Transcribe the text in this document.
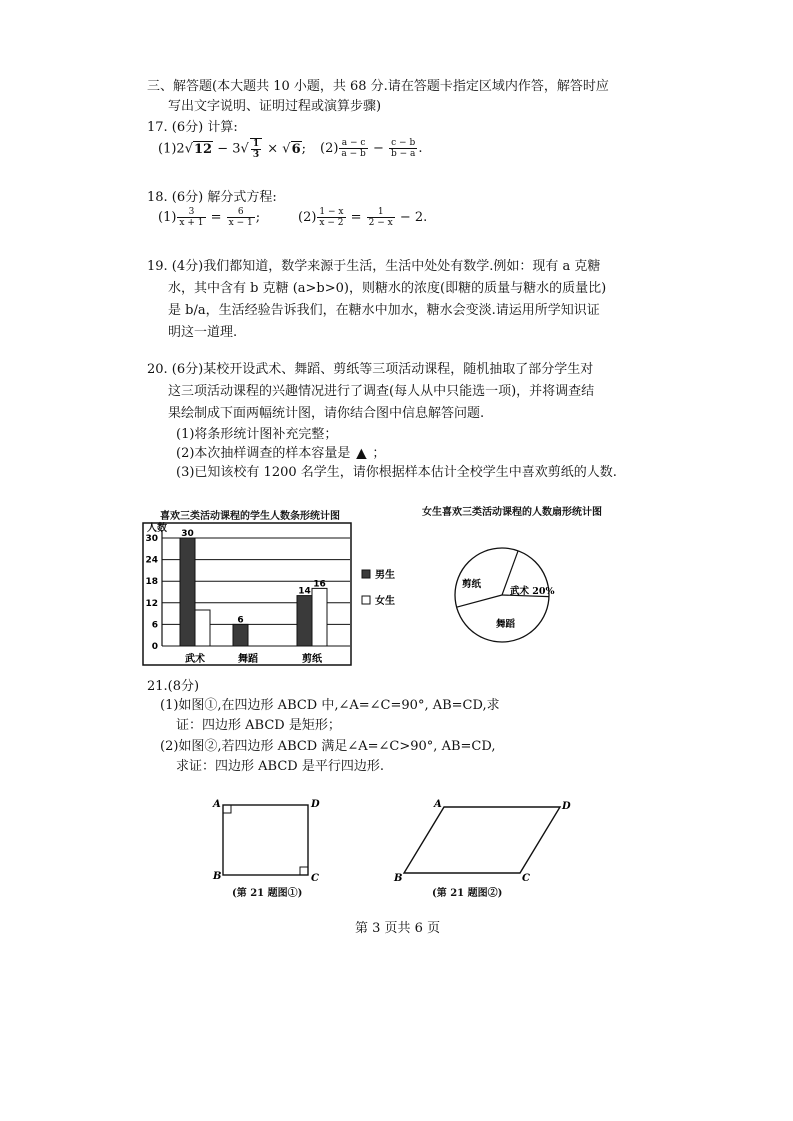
三、解答题(本大题共 10 小题，共 68 分.请在答题卡指定区域内作答，解答时应
写出文字说明、证明过程或演算步骤)
17. (6分) 计算:
$(1)2√12 - 3√ \frac{1}{3} \times √6$; $(2) \frac{a - c}{a - b} - \frac{c - b}{b - a}$ .
18. (6分) 解分式方程:
$(1) \frac{3}{x + 1} = \frac{6}{x - 1}$ ;	$(2) \frac{1 - x}{x - 2} = \frac{1}{2 - x} - 2$.
19. (4分)我们都知道，数学来源于生活，生活中处处有数学.例如：现有 a 克糖
水，其中含有 b 克糖 (a>b>0)，则糖水的浓度(即糖的质量与糖水的质量比)
是 b/a，生活经验告诉我们，在糖水中加水，糖水会变淡.请运用所学知识证
明这一道理.
20. (6分)某校开设武术、舞蹈、剪纸等三项活动课程，随机抽取了部分学生对
这三项活动课程的兴趣情况进行了调查(每人从中只能选一项)，并将调查结
果绘制成下面两幅统计图，请你结合图中信息解答问题.
(1)将条形统计图补充完整；
(2)本次抽样调查的样本容量是 ▲ ；
(3)已知该校有 1200 名学生，请你根据样本估计全校学生中喜欢剪纸的人数.
喜欢三类活动课程的学生人数条形统计图
人数
0
6
12
18
24
30	30
武术
6
舞蹈
14
16
剪纸
男生
女生
女生喜欢三类活动课程的人数扇形统计图
武术 20%
剪纸
舞蹈
21.(8分)
(1)如图①,在四边形 ABCD 中,∠A=∠C=90°, AB=CD,求
证：四边形 ABCD 是矩形；
(2)如图②,若四边形 ABCD 满足∠A=∠C>90°, AB=CD,
求证：四边形 ABCD 是平行四边形.
A	D
B	C
(第 21 题图①)
A	D
B	C
(第 21 题图②)
第 3 页共 6 页
